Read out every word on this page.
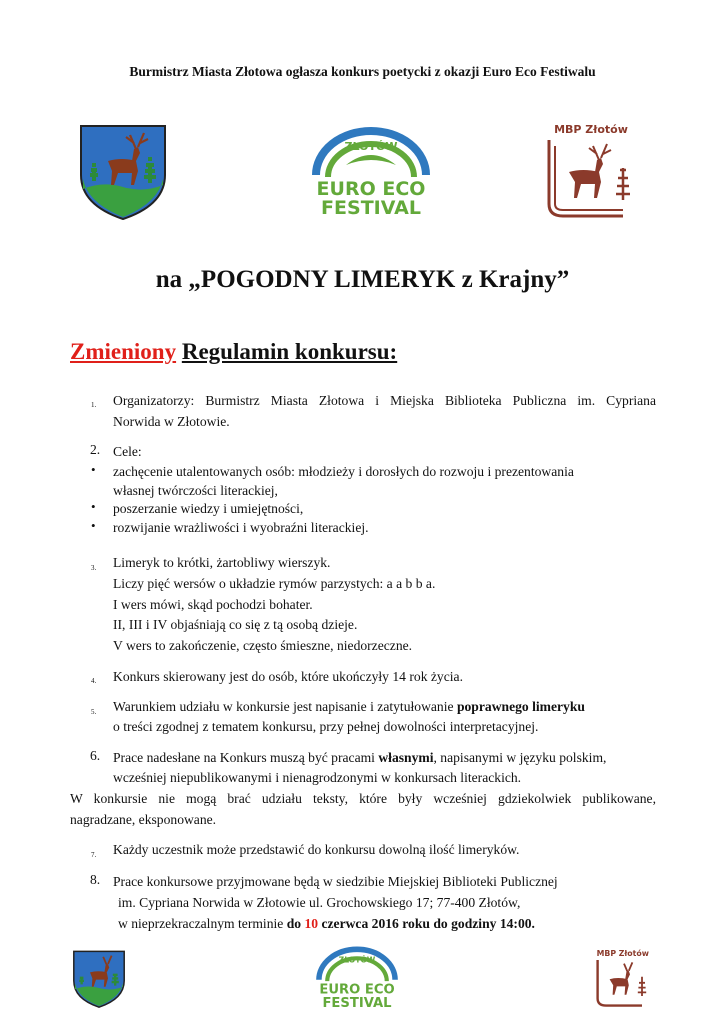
Burmistrz Miasta Złotowa ogłasza konkurs poetycki z okazji Euro Eco Festiwalu
ZŁOTÓW
EURO ECO
FESTIVAL
MBP Złotów
na „POGODNY LIMERYK z Krajny”
Zmieniony Regulamin konkursu:
1. Organizatorzy: Burmistrz Miasta Złotowa i Miejska Biblioteka Publiczna im. Cypriana
Norwida w Złotowie.
2. Cele:
• zachęcenie utalentowanych osób: młodzieży i dorosłych do rozwoju i prezentowania
własnej twórczości literackiej,
• poszerzanie wiedzy i umiejętności,
• rozwijanie wrażliwości i wyobraźni literackiej.
3. Limeryk to krótki, żartobliwy wierszyk.
Liczy pięć wersów o układzie rymów parzystych: a a b b a.
I wers mówi, skąd pochodzi bohater.
II, III i IV objaśniają co się z tą osobą dzieje.
V wers to zakończenie, często śmieszne, niedorzeczne.
4. Konkurs skierowany jest do osób, które ukończyły 14 rok życia.
5. Warunkiem udziału w konkursie jest napisanie i zatytułowanie poprawnego limeryku
o treści zgodnej z tematem konkursu, przy pełnej dowolności interpretacyjnej.
6. Prace nadesłane na Konkurs muszą być pracami własnymi, napisanymi w języku polskim,
wcześniej niepublikowanymi i nienagrodzonymi w konkursach literackich.
W konkursie nie mogą brać udziału teksty, które były wcześniej gdziekolwiek publikowane,
nagradzane, eksponowane.
7. Każdy uczestnik może przedstawić do konkursu dowolną ilość limeryków.
8. Prace konkursowe przyjmowane będą w siedzibie Miejskiej Biblioteki Publicznej
im. Cypriana Norwida w Złotowie ul. Grochowskiego 17; 77-400 Złotów,
w nieprzekraczalnym terminie do 10 czerwca 2016 roku do godziny 14:00.
ZŁOTÓW
EURO ECO
FESTIVAL
MBP Złotów
